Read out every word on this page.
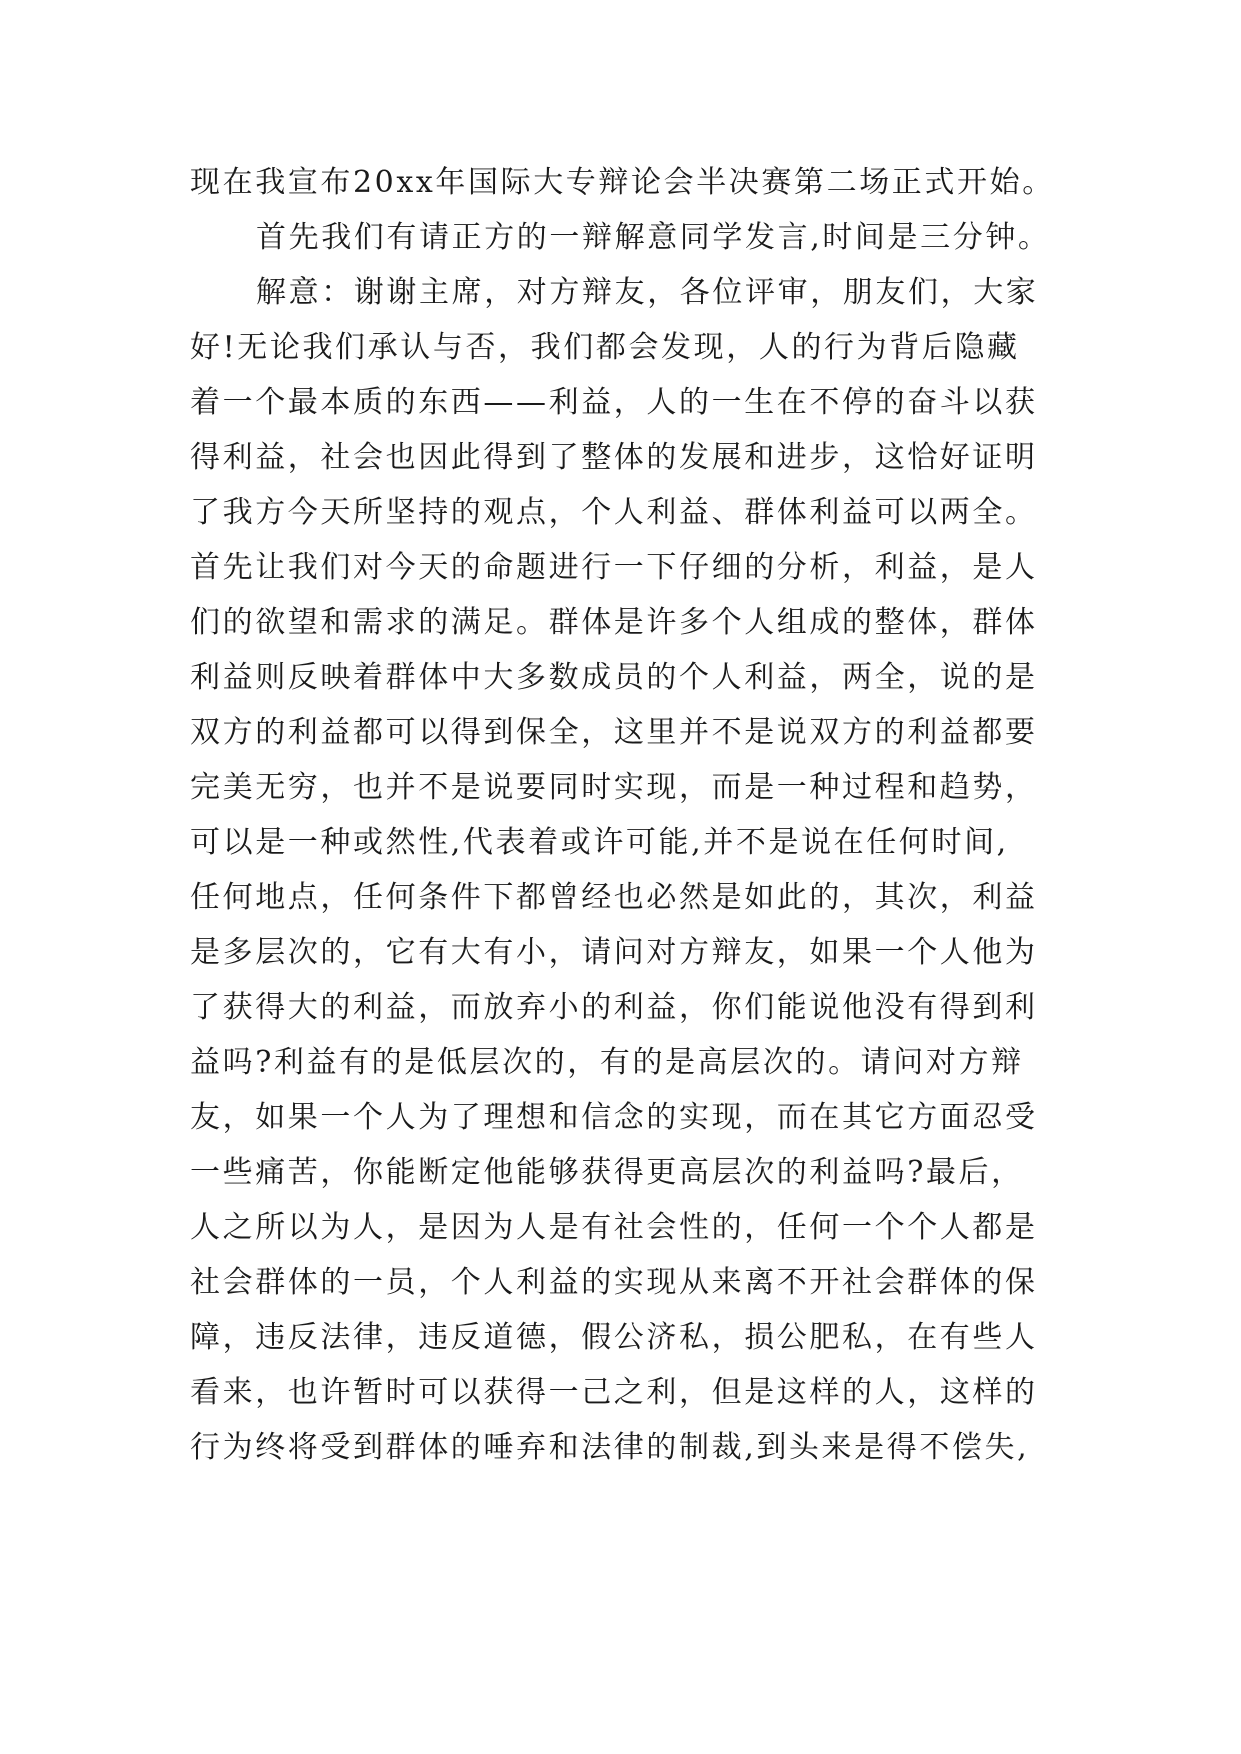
现在我宣布20xx年国际大专辩论会半决赛第二场正式开始。
首先我们有请正方的一辩解意同学发言,时间是三分钟。
解意：谢谢主席，对方辩友，各位评审，朋友们，大家
好!无论我们承认与否，我们都会发现，人的行为背后隐藏
着一个最本质的东西——利益，人的一生在不停的奋斗以获
得利益，社会也因此得到了整体的发展和进步，这恰好证明
了我方今天所坚持的观点，个人利益、群体利益可以两全。
首先让我们对今天的命题进行一下仔细的分析，利益，是人
们的欲望和需求的满足。群体是许多个人组成的整体，群体
利益则反映着群体中大多数成员的个人利益，两全，说的是
双方的利益都可以得到保全，这里并不是说双方的利益都要
完美无穷，也并不是说要同时实现，而是一种过程和趋势，
可以是一种或然性,代表着或许可能,并不是说在任何时间,
任何地点，任何条件下都曾经也必然是如此的，其次，利益
是多层次的，它有大有小，请问对方辩友，如果一个人他为
了获得大的利益，而放弃小的利益，你们能说他没有得到利
益吗?利益有的是低层次的，有的是高层次的。请问对方辩
友，如果一个人为了理想和信念的实现，而在其它方面忍受
一些痛苦，你能断定他能够获得更高层次的利益吗?最后，
人之所以为人，是因为人是有社会性的，任何一个个人都是
社会群体的一员，个人利益的实现从来离不开社会群体的保
障，违反法律，违反道德，假公济私，损公肥私，在有些人
看来，也许暂时可以获得一己之利，但是这样的人，这样的
行为终将受到群体的唾弃和法律的制裁,到头来是得不偿失,
